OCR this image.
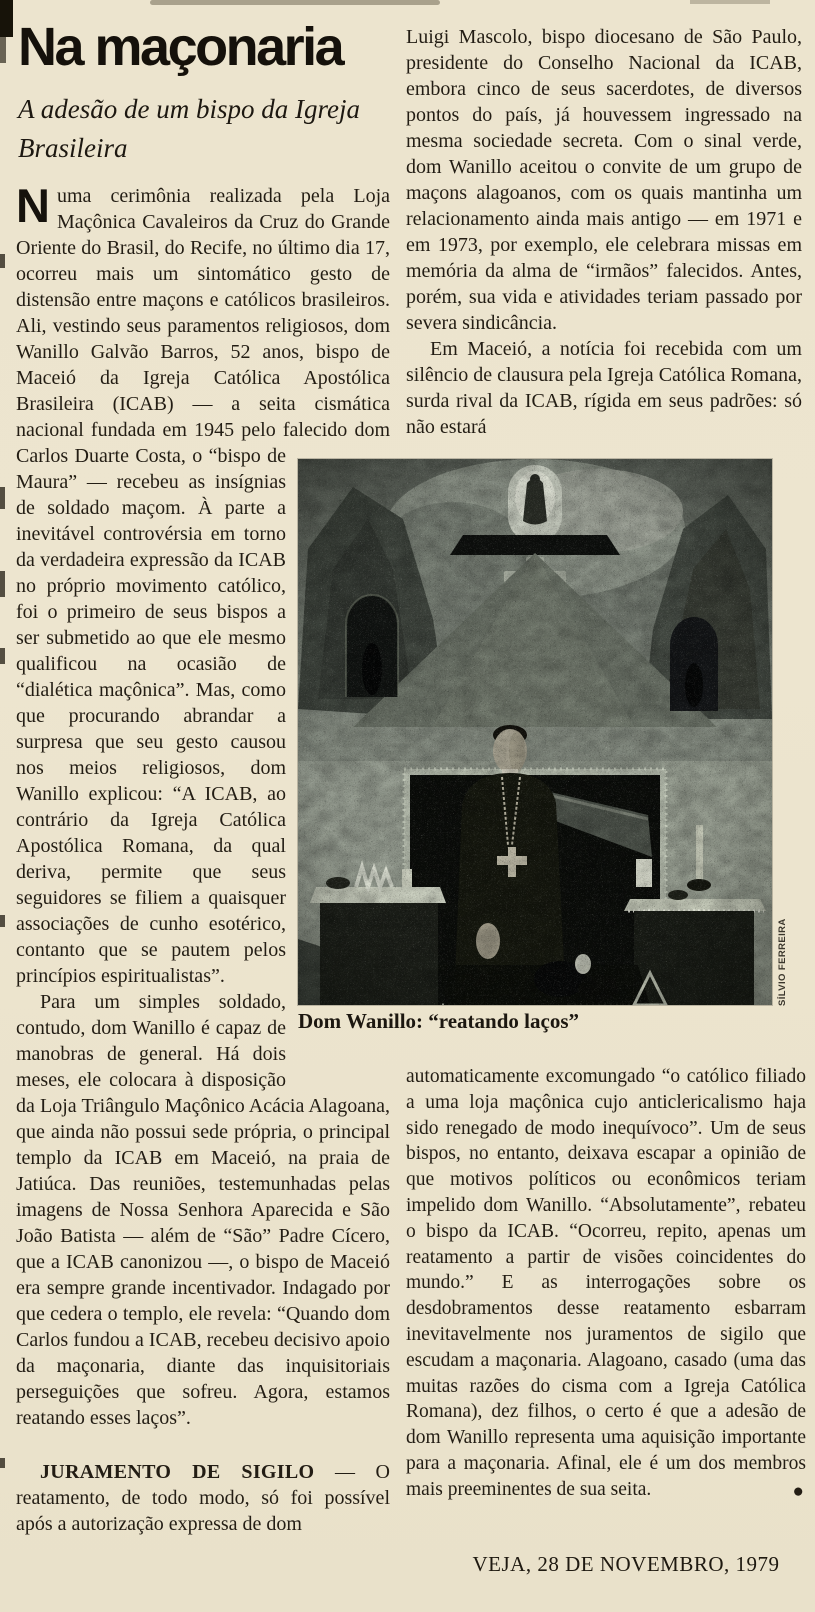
Na maçonaria

A adesão de um bispo da Igreja Brasileira

Numa cerimônia realizada pela Loja Maçônica Cavaleiros da Cruz do Grande Oriente do Brasil, do Recife, no último dia 17, ocorreu mais um sintomático gesto de distensão entre maçons e católicos brasileiros. Ali, vestindo seus paramentos religiosos, dom Wanillo Galvão Barros, 52 anos, bispo de Maceió da Igreja Católica Apostólica Brasileira (ICAB) — a seita cismática nacional fundada em 1945 pelo falecido
dom Carlos Duarte Costa, o “bispo de Maura” — recebeu as insígnias de soldado maçom. À parte a inevitável controvérsia em torno da verdadeira expressão da ICAB no próprio movimento católico, foi o primeiro de seus bispos a ser submetido ao que ele mesmo qualificou na ocasião de “dialética maçônica”. Mas, como que procurando abrandar a surpresa que seu gesto causou nos meios religiosos, dom Wanillo explicou: “A ICAB, ao contrário da Igreja Católica Apostólica Romana, da qual deriva, permite que seus seguidores se filiem a quaisquer associações de cunho esotérico, contanto que se pautem pelos princípios espiritualistas”.

Para um simples soldado, contudo, dom Wanillo é capaz de manobras de general. Há dois meses, ele colocara à disposição da Loja Triângulo Maçônico Acácia Alagoana, que ainda não possui sede própria, o principal templo da ICAB em Maceió, na praia de Jatiúca. Das reuniões, testemunhadas pelas imagens de Nossa Senhora Aparecida e São João Batista — além de “São” Padre Cícero, que a ICAB canonizou —, o bispo de Maceió era sempre grande incentivador. Indagado por que cedera o templo, ele revela: “Quando dom Carlos fundou a ICAB, recebeu decisivo apoio da maçonaria, diante das inquisitoriais perseguições que sofreu. Agora, estamos reatando esses laços”.

JURAMENTO DE SIGILO — O reatamento, de todo modo, só foi possível após a autorização expressa de dom

Luigi Mascolo, bispo diocesano de São Paulo, presidente do Conselho Nacional da ICAB, embora cinco de seus sacerdotes, de diversos pontos do país, já houvessem ingressado na mesma sociedade secreta. Com o sinal verde, dom Wanillo aceitou o convite de um grupo de maçons alagoanos, com os quais mantinha um relacionamento ainda mais antigo — em 1971 e em 1973, por exemplo, ele celebrara missas em memória da alma de “irmãos” falecidos. Antes, porém, sua vida e atividades teriam passado por severa sindicância.

Em Maceió, a notícia foi recebida com um silêncio de clausura pela Igreja Católica Romana, surda rival da ICAB, rígida em seus padrões: só não estará

Dom Wanillo: “reatando laços”
SÍLVIO FERREIRA

automaticamente excomungado “o católico filiado a uma loja maçônica cujo anticlericalismo haja sido renegado de modo inequívoco”. Um de seus bispos, no entanto, deixava escapar a opinião de que motivos políticos ou econômicos teriam impelido dom Wanillo. “Absolutamente”, rebateu o bispo da ICAB. “Ocorreu, repito, apenas um reatamento a partir de visões coincidentes do mundo.” E as interrogações sobre os desdobramentos desse reatamento esbarram inevitavelmente nos juramentos de sigilo que escudam a maçonaria. Alagoano, casado (uma das muitas razões do cisma com a Igreja Católica Romana), dez filhos, o certo é que a adesão de dom Wanillo representa uma aquisição importante para a maçonaria. Afinal, ele é um dos membros mais preeminentes de sua seita.	●
VEJA, 28 DE NOVEMBRO, 1979
